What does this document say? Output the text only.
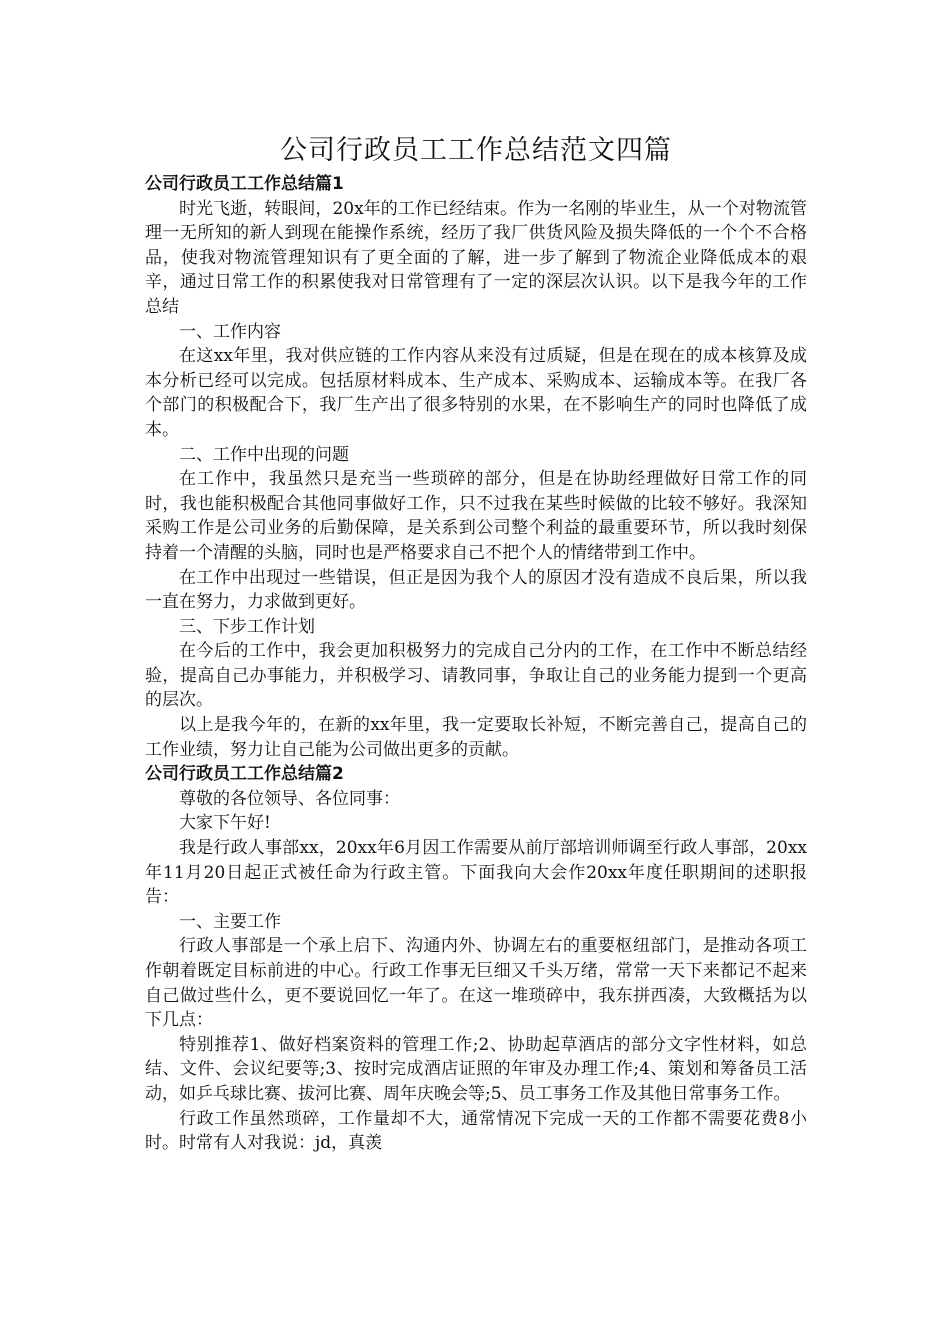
公司行政员工工作总结范文四篇

公司行政员工工作总结篇1

时光飞逝，转眼间，20x年的工作已经结束。作为一名刚的毕业生，从一个对物流管理一无所知的新人到现在能操作系统，经历了我厂供货风险及损失降低的一个个不合格品，使我对物流管理知识有了更全面的了解，进一步了解到了物流企业降低成本的艰辛，通过日常工作的积累使我对日常管理有了一定的深层次认识。以下是我今年的工作总结

一、工作内容

在这xx年里，我对供应链的工作内容从来没有过质疑，但是在现在的成本核算及成本分析已经可以完成。包括原材料成本、生产成本、采购成本、运输成本等。在我厂各个部门的积极配合下，我厂生产出了很多特别的水果，在不影响生产的同时也降低了成本。

二、工作中出现的问题

在工作中，我虽然只是充当一些琐碎的部分，但是在协助经理做好日常工作的同时，我也能积极配合其他同事做好工作，只不过我在某些时候做的比较不够好。我深知采购工作是公司业务的后勤保障，是关系到公司整个利益的最重要环节，所以我时刻保持着一个清醒的头脑，同时也是严格要求自己不把个人的情绪带到工作中。

在工作中出现过一些错误，但正是因为我个人的原因才没有造成不良后果，所以我一直在努力，力求做到更好。

三、下步工作计划

在今后的工作中，我会更加积极努力的完成自己分内的工作，在工作中不断总结经验，提高自己办事能力，并积极学习、请教同事，争取让自己的业务能力提到一个更高的层次。

以上是我今年的，在新的xx年里，我一定要取长补短，不断完善自己，提高自己的工作业绩，努力让自己能为公司做出更多的贡献。

公司行政员工工作总结篇2

尊敬的各位领导、各位同事：

大家下午好!

我是行政人事部xx，20xx年6月因工作需要从前厅部培训师调至行政人事部，20xx年11月20日起正式被任命为行政主管。下面我向大会作20xx年度任职期间的述职报告：

一、主要工作

行政人事部是一个承上启下、沟通内外、协调左右的重要枢纽部门，是推动各项工作朝着既定目标前进的中心。行政工作事无巨细又千头万绪，常常一天下来都记不起来自己做过些什么，更不要说回忆一年了。在这一堆琐碎中，我东拼西凑，大致概括为以下几点：

特别推荐1、做好档案资料的管理工作;2、协助起草酒店的部分文字性材料，如总结、文件、会议纪要等;3、按时完成酒店证照的年审及办理工作;4、策划和筹备员工活动，如乒乓球比赛、拔河比赛、周年庆晚会等;5、员工事务工作及其他日常事务工作。

行政工作虽然琐碎，工作量却不大，通常情况下完成一天的工作都不需要花费8小时。时常有人对我说：jd，真羡
